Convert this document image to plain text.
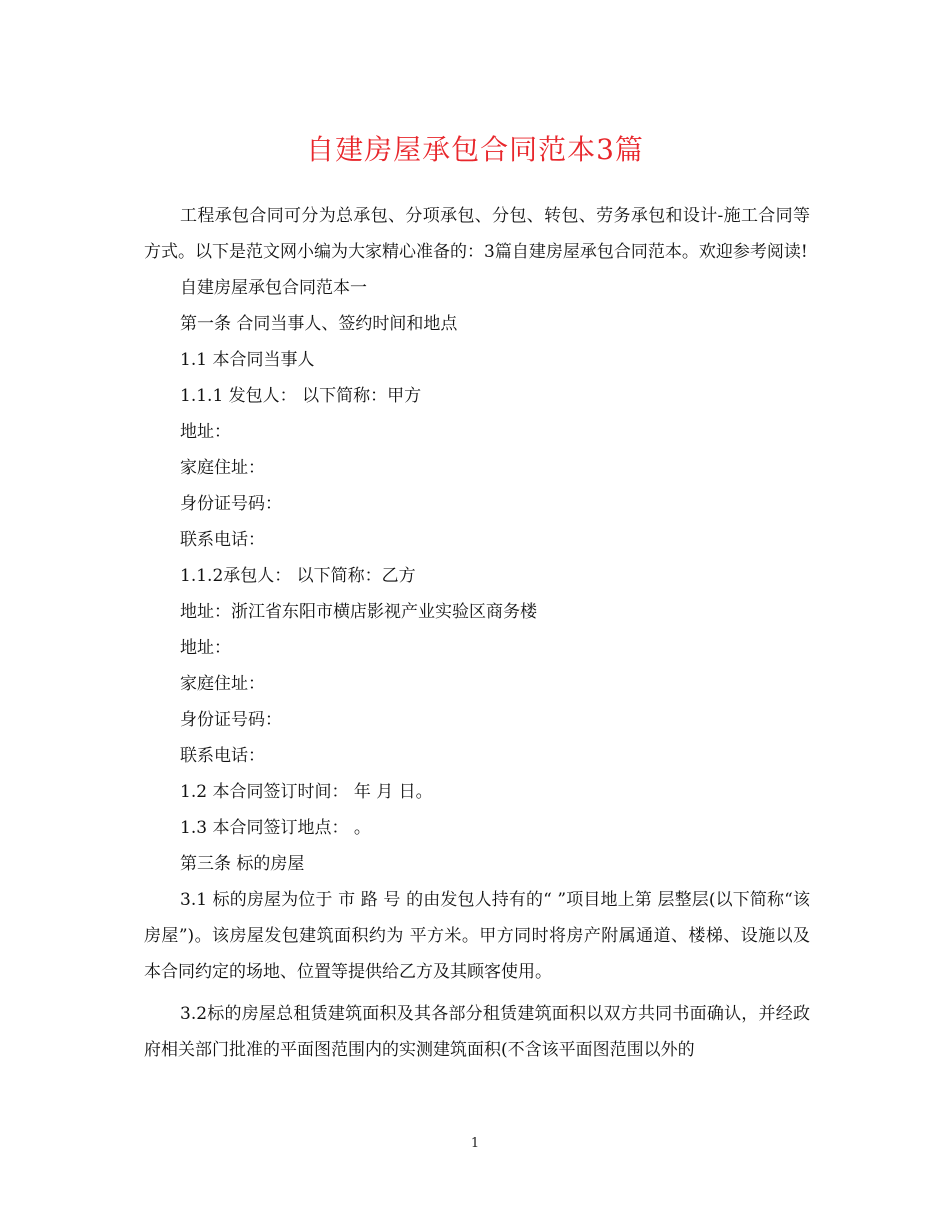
自建房屋承包合同范本3篇

工程承包合同可分为总承包、分项承包、分包、转包、劳务承包和设计-施工合同等方式。以下是范文网小编为大家精心准备的：3篇自建房屋承包合同范本。欢迎参考阅读!

自建房屋承包合同范本一

第一条 合同当事人、签约时间和地点

1.1 本合同当事人

1.1.1 发包人： 以下简称：甲方

地址：

家庭住址：

身份证号码：

联系电话：

1.1.2承包人： 以下简称：乙方

地址：浙江省东阳市横店影视产业实验区商务楼

地址：

家庭住址：

身份证号码：

联系电话：

1.2 本合同签订时间： 年 月 日。

1.3 本合同签订地点： 。

第三条 标的房屋

3.1 标的房屋为位于 市 路 号 的由发包人持有的“ ”项目地上第 层整层(以下简称“该房屋”)。该房屋发包建筑面积约为 平方米。甲方同时将房产附属通道、楼梯、设施以及本合同约定的场地、位置等提供给乙方及其顾客使用。

3.2标的房屋总租赁建筑面积及其各部分租赁建筑面积以双方共同书面确认，并经政府相关部门批准的平面图范围内的实测建筑面积(不含该平面图范围以外的

1
